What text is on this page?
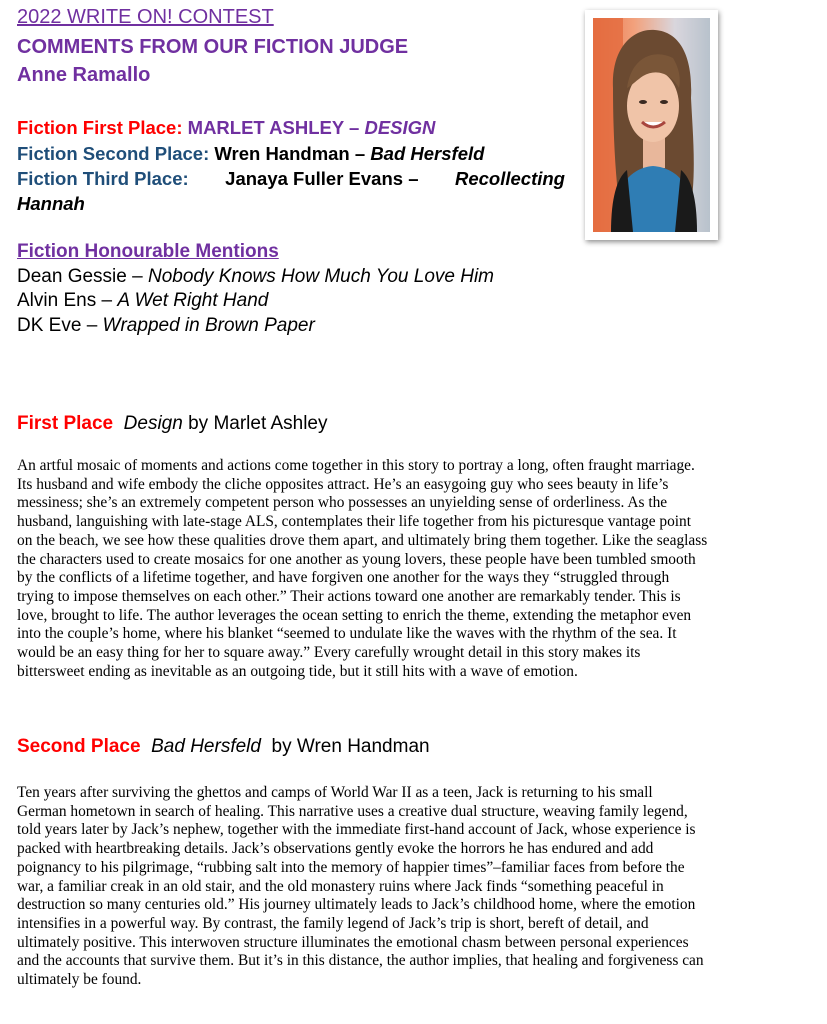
2022 WRITE ON! CONTEST
COMMENTS FROM OUR FICTION JUDGE
Anne Ramallo
Fiction First Place: MARLET ASHLEY – DESIGN
Fiction Second Place: Wren Handman – Bad Hersfeld
Fiction Third Place: Janaya Fuller Evans – Recollecting
Hannah
Fiction Honourable Mentions
Dean Gessie – Nobody Knows How Much You Love Him
Alvin Ens – A Wet Right Hand
DK Eve – Wrapped in Brown Paper
First Place Design by Marlet Ashley
An artful mosaic of moments and actions come together in this story to portray a long, often fraught marriage.
Its husband and wife embody the cliche opposites attract. He’s an easygoing guy who sees beauty in life’s
messiness; she’s an extremely competent person who possesses an unyielding sense of orderliness. As the
husband, languishing with late-stage ALS, contemplates their life together from his picturesque vantage point
on the beach, we see how these qualities drove them apart, and ultimately bring them together. Like the seaglass
the characters used to create mosaics for one another as young lovers, these people have been tumbled smooth
by the conflicts of a lifetime together, and have forgiven one another for the ways they “struggled through
trying to impose themselves on each other.” Their actions toward one another are remarkably tender. This is
love, brought to life. The author leverages the ocean setting to enrich the theme, extending the metaphor even
into the couple’s home, where his blanket “seemed to undulate like the waves with the rhythm of the sea. It
would be an easy thing for her to square away.” Every carefully wrought detail in this story makes its
bittersweet ending as inevitable as an outgoing tide, but it still hits with a wave of emotion.
Second Place Bad Hersfeld by Wren Handman
Ten years after surviving the ghettos and camps of World War II as a teen, Jack is returning to his small
German hometown in search of healing. This narrative uses a creative dual structure, weaving family legend,
told years later by Jack’s nephew, together with the immediate first-hand account of Jack, whose experience is
packed with heartbreaking details. Jack’s observations gently evoke the horrors he has endured and add
poignancy to his pilgrimage, “rubbing salt into the memory of happier times”–familiar faces from before the
war, a familiar creak in an old stair, and the old monastery ruins where Jack finds “something peaceful in
destruction so many centuries old.” His journey ultimately leads to Jack’s childhood home, where the emotion
intensifies in a powerful way. By contrast, the family legend of Jack’s trip is short, bereft of detail, and
ultimately positive. This interwoven structure illuminates the emotional chasm between personal experiences
and the accounts that survive them. But it’s in this distance, the author implies, that healing and forgiveness can
ultimately be found.
